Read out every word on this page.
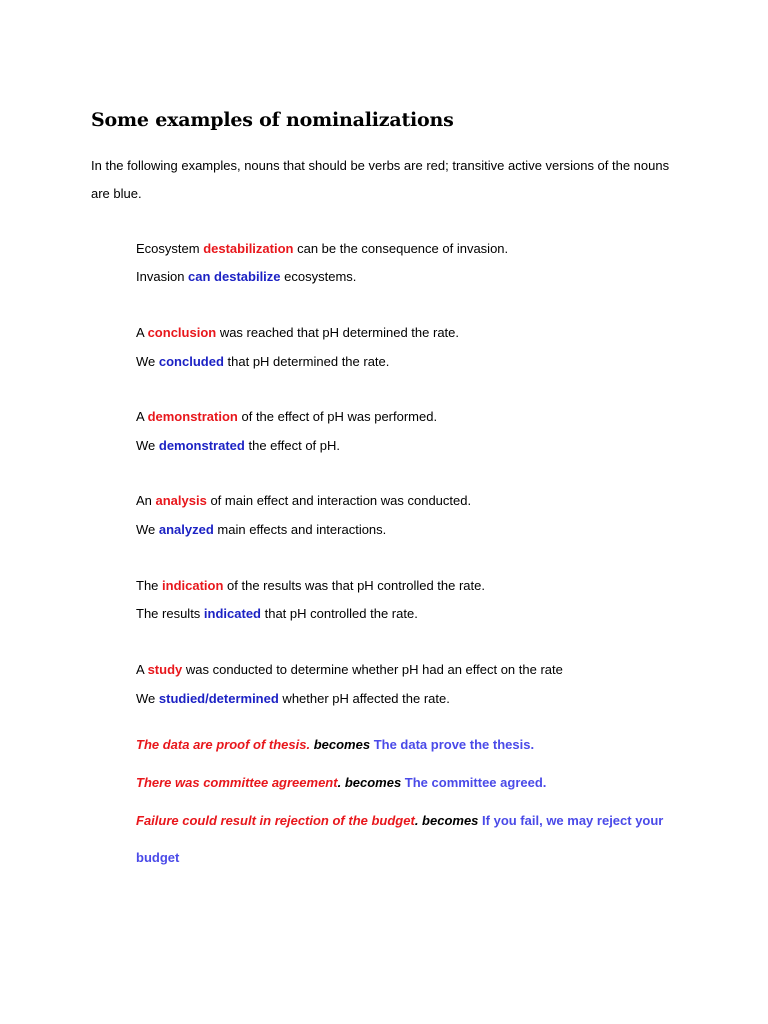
Some examples of nominalizations
In the following examples, nouns that should be verbs are red; transitive active versions of the nouns are blue.
Ecosystem destabilization can be the consequence of invasion.
Invasion can destabilize ecosystems.
A conclusion was reached that pH determined the rate.
We concluded that pH determined the rate.
A demonstration of the effect of pH was performed.
We demonstrated the effect of pH.
An analysis of main effect and interaction was conducted.
We analyzed main effects and interactions.
The indication of the results was that pH controlled the rate.
The results indicated that pH controlled the rate.
A study was conducted to determine whether pH had an effect on the rate
We studied/determined whether pH affected the rate.
The data are proof of thesis. becomes The data prove the thesis.
There was committee agreement. becomes The committee agreed.
Failure could result in rejection of the budget. becomes If you fail, we may reject your
budget
